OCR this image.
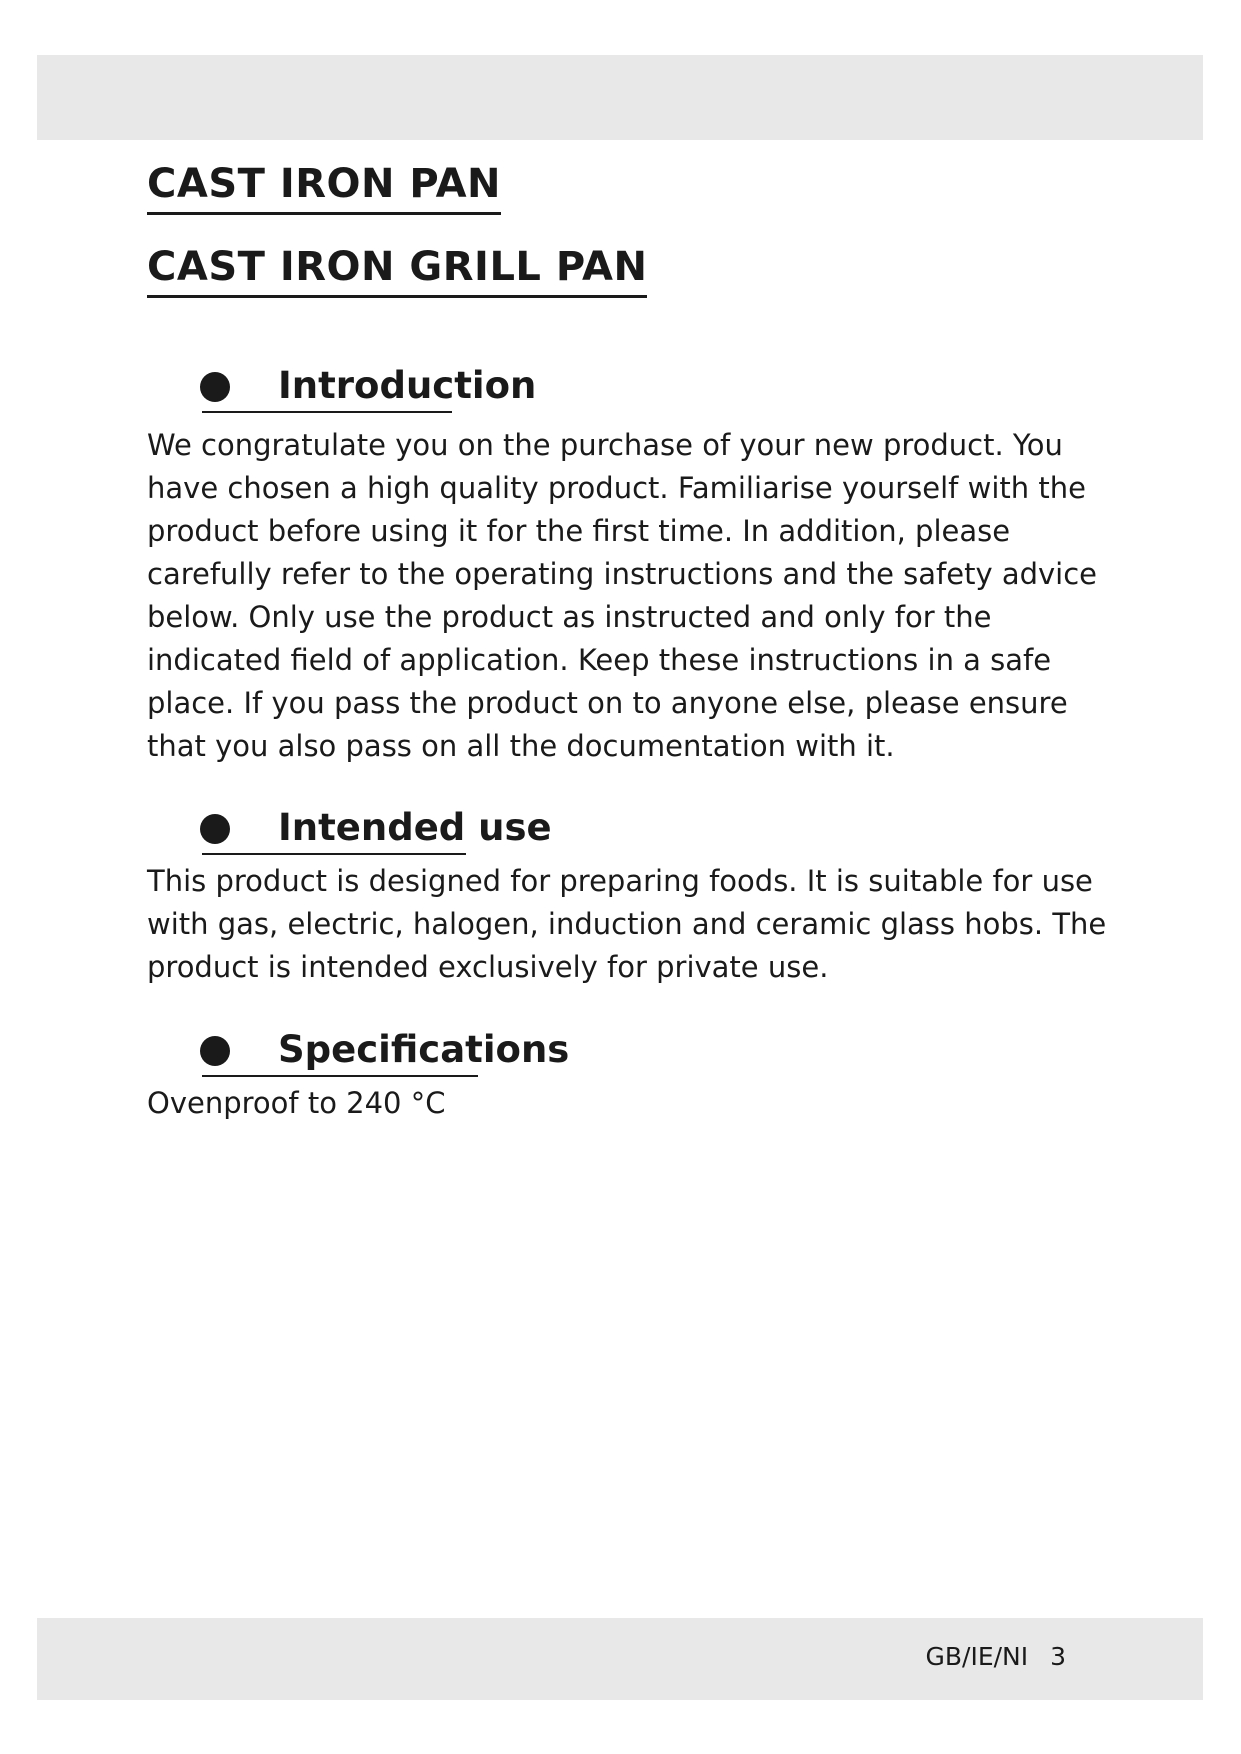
CAST IRON PAN
CAST IRON GRILL PAN
Introduction

We congratulate you on the purchase of your new product. You have chosen a high quality product. Familiarise yourself with the product before using it for the first time. In addition, please carefully refer to the operating instructions and the safety advice below. Only use the product as instructed and only for the indicated field of application. Keep these instructions in a safe place. If you pass the product on to anyone else, please ensure that you also pass on all the documentation with it.

Intended use

This product is designed for preparing foods. It is suitable for use with gas, electric, halogen, induction and ceramic glass hobs. The product is intended exclusively for private use.

Specifications

Ovenproof to 240 °C

GB/IE/NI 3
